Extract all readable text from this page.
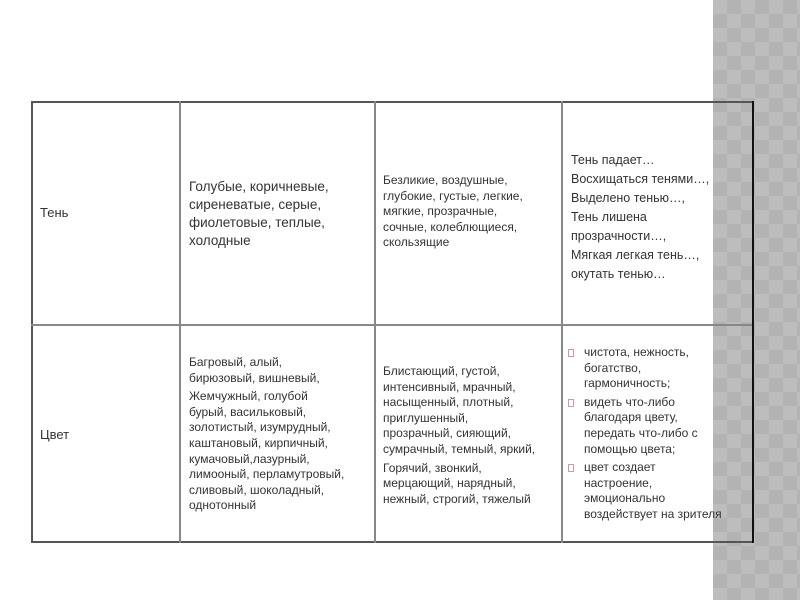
Тень
Голубые, коричневые,
сиреневатые, серые,
фиолетовые, теплые,
холодные
Безликие, воздушные,
глубокие, густые, легкие,
мягкие, прозрачные,
сочные, колеблющиеся,
скользящие
Тень падает…
Восхищаться тенями…,
Выделено тенью…,
Тень лишена
прозрачности…,
Мягкая легкая тень…,
окутать тенью…
Цвет
Багровый, алый,
бирюзовый, вишневый,
Жемчужный, голубой
бурый, васильковый,
золотистый, изумрудный,
каштановый, кирпичный,
кумачовый,лазурный,
лимооный, перламутровый,
сливовый, шоколадный,
однотонный
Блистающий, густой,
интенсивный, мрачный,
насыщенный, плотный,
приглушенный,
прозрачный, сияющий,
сумрачный, темный, яркий,
Горячий, звонкий,
мерцающий, нарядный,
нежный, строгий, тяжелый
чистота, нежность,
богатство,
гармоничность;
видеть что-либо
благодаря цвету,
передать что-либо с
помощью цвета;
цвет создает
настроение,
эмоционально
воздействует на зрителя
